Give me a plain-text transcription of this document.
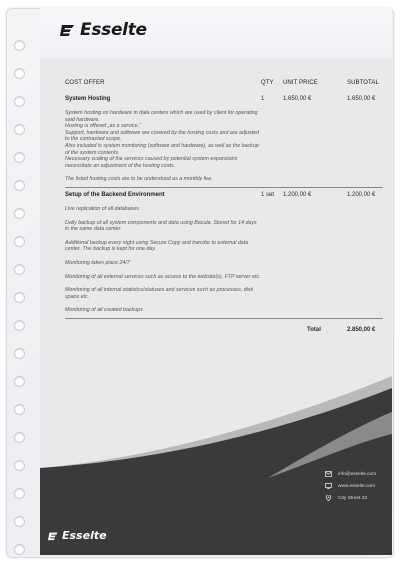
Esselte
COST OFFER	QTY	UNIT PRICE	SUBTOTAL
System Hosting	1	1.650,00 €	1.650,00 €

System hosting on hardware in data centers which are used by client for operating said hardware.
Hosting is offered „as a service.“
Support, hardware and software are covered by the hosting costs and are adjusted to the contracted scope.
Also included is system monitoring (software and hardware), as well as the backup of the system contents.
Necessary scaling of the services caused by potential system expansions necessitate an adjustment of the hosting costs.

The listed hosting costs are to be understood as a monthly fee.

Setup of the Backend Environment	1 set	1.200,00 €	1.200,00 €

Live replication of all databases

Daily backup of all system components and data using Bacula. Stored for 14 days in the same data center.

Additional backup every night using Secure Copy and transfer to external data center. The backup is kept for one day.

Monitoring takes place 24/7

Monitoring of all external services such as access to the website(s), FTP server etc.

Monitoring of all internal statistics/statuses and services such as processes, disk space etc.

Monitoring of all created backups

Total	2.850,00 €
info@esselte.com
www.esselte.com
City Street 23
Esselte
